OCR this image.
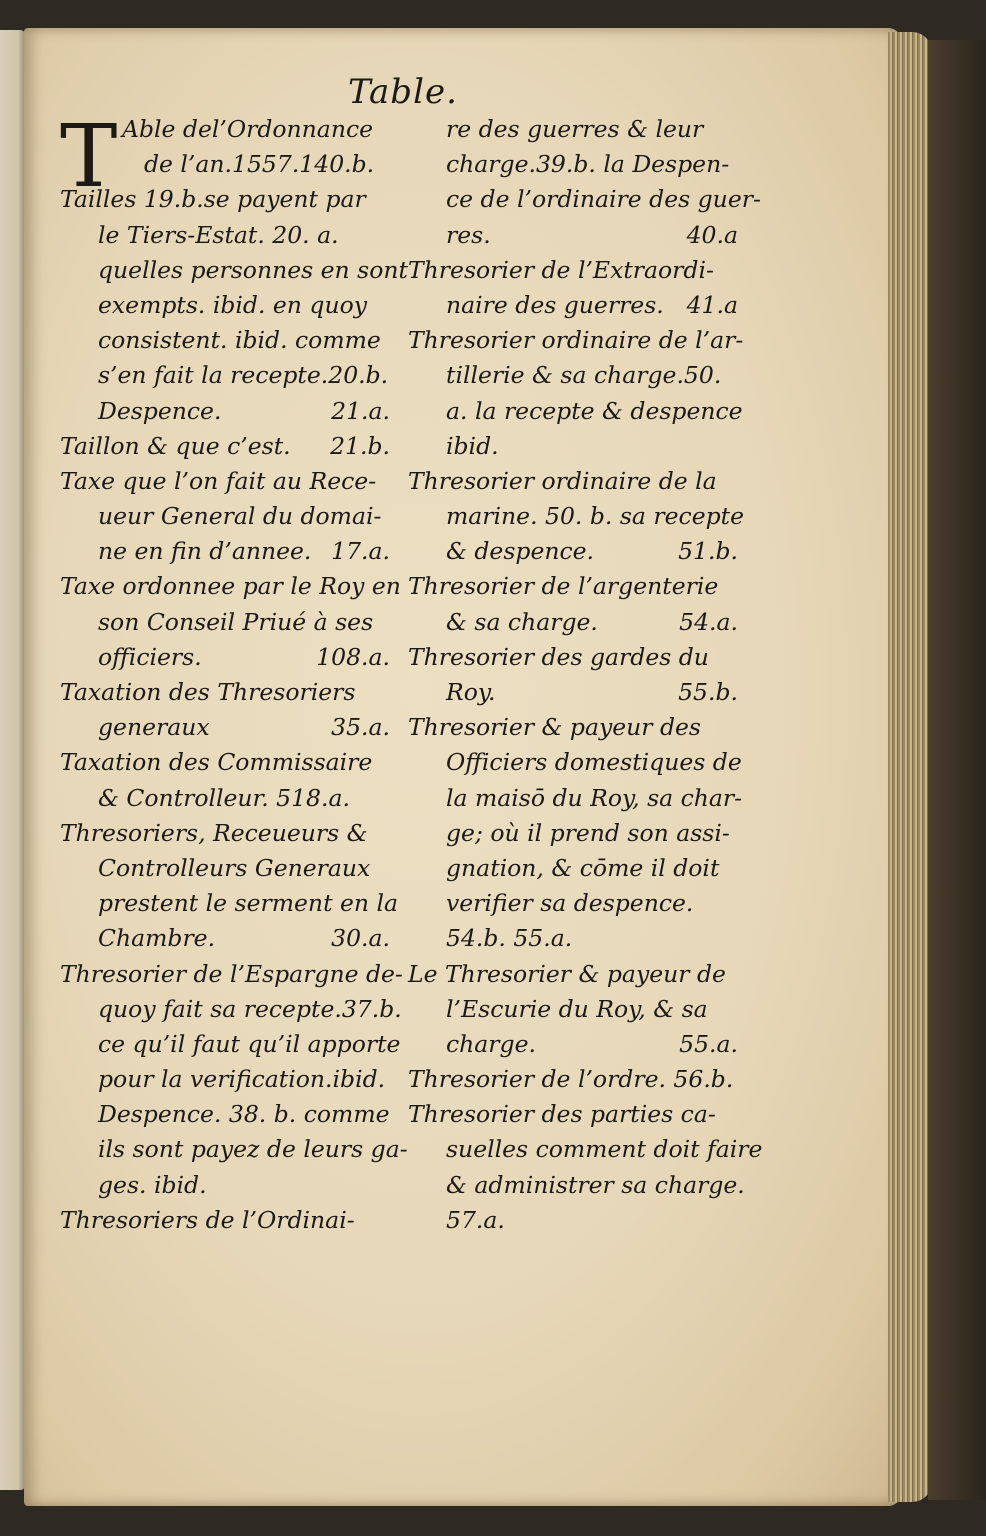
Table.
T Able del’Ordonnance
de l’an.1557.140.b.
Tailles 19.b.se payent par
le Tiers-Estat. 20. a.
quelles personnes en sont
exempts. ibid. en quoy
consistent. ibid. comme
s’en fait la recepte.20.b.
Despence.	21.a.
Taillon & que c’est. 21.b.
Taxe que l’on fait au Rece-
ueur General du domai-
ne en fin d’annee. 17.a.
Taxe ordonnee par le Roy en
son Conseil Priué à ses
officiers.	108.a.
Taxation des Thresoriers
generaux	35.a.
Taxation des Commissaire
& Controlleur. 518.a.
Thresoriers, Receueurs &
Controlleurs Generaux
prestent le serment en la
Chambre.	30.a.
Thresorier de l’Espargne de-
quoy fait sa recepte.37.b.
ce qu’il faut qu’il apporte
pour la verification.ibid.
Despence. 38. b. comme
ils sont payez de leurs ga-
ges. ibid.
Thresoriers de l’Ordinai-
re des guerres & leur
charge.39.b. la Despen-
ce de l’ordinaire des guer-
res.	40.a
Thresorier de l’Extraordi-
naire des guerres. 41.a
Thresorier ordinaire de l’ar-
tillerie & sa charge.50.
a. la recepte & despence
ibid.
Thresorier ordinaire de la
marine. 50. b. sa recepte
& despence.	51.b.
Thresorier de l’argenterie
& sa charge.	54.a.
Thresorier des gardes du
Roy.	55.b.
Thresorier & payeur des
Officiers domestiques de
la maisō du Roy, sa char-
ge; où il prend son assi-
gnation, & cōme il doit
verifier sa despence.
54.b. 55.a.
Le Thresorier & payeur de
l’Escurie du Roy, & sa
charge.	55.a.
Thresorier de l’ordre. 56.b.
Thresorier des parties ca-
suelles comment doit faire
& administrer sa charge.
57.a.
